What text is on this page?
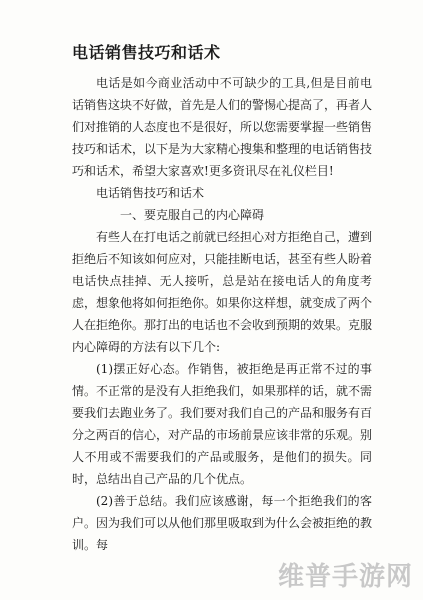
电话销售技巧和话术

电话是如今商业活动中不可缺少的工具,但是目前电话销售这块不好做，首先是人们的警惕心提高了，再者人们对推销的人态度也不是很好，所以您需要掌握一些销售技巧和话术，以下是为大家精心搜集和整理的电话销售技巧和话术，希望大家喜欢!更多资讯尽在礼仪栏目!

电话销售技巧和话术

一、要克服自己的内心障碍

有些人在打电话之前就已经担心对方拒绝自己，遭到拒绝后不知该如何应对，只能挂断电话，甚至有些人盼着电话快点挂掉、无人接听，总是站在接电话人的角度考虑，想象他将如何拒绝你。如果你这样想，就变成了两个人在拒绝你。那打出的电话也不会收到预期的效果。克服内心障碍的方法有以下几个:

(1)摆正好心态。作销售，被拒绝是再正常不过的事情。不正常的是没有人拒绝我们，如果那样的话，就不需要我们去跑业务了。我们要对我们自己的产品和服务有百分之两百的信心，对产品的市场前景应该非常的乐观。别人不用或不需要我们的产品或服务，是他们的损失。同时，总结出自己产品的几个优点。

(2)善于总结。我们应该感谢，每一个拒绝我们的客户。因为我们可以从他们那里吸取到为什么会被拒绝的教训。每

维普手游网
